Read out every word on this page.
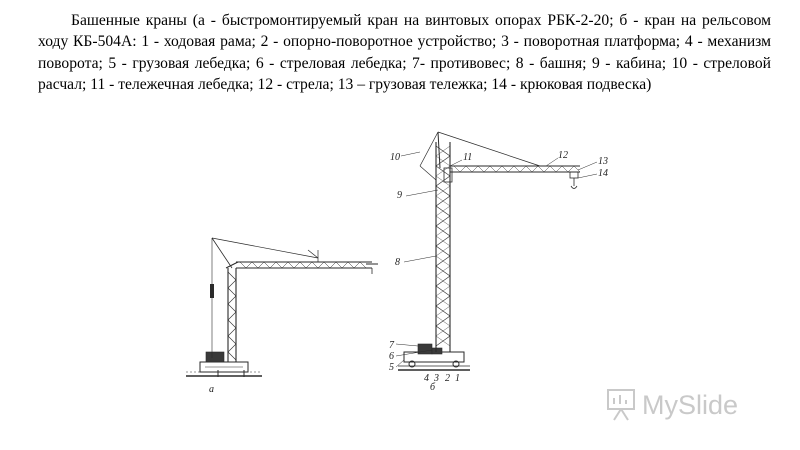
Башенные краны (а - быстромонтируемый кран на винтовых опорах РБК-2-20; б - кран на рельсовом ходу КБ-504А: 1 - ходовая рама; 2 - опорно-поворотное устройство; 3 - поворотная платформа; 4 - механизм поворота; 5 - грузовая лебедка; 6 - стреловая лебедка; 7- противовес; 8 - башня; 9 - кабина; 10 - стреловой расчал; 11 - тележечная лебедка; 12 - стрела; 13 – грузовая тележка; 14 - крюковая подвеска)
а	б
10	11	12
13
14
9
8
7
6
5
4 3 2 1
MySlide
